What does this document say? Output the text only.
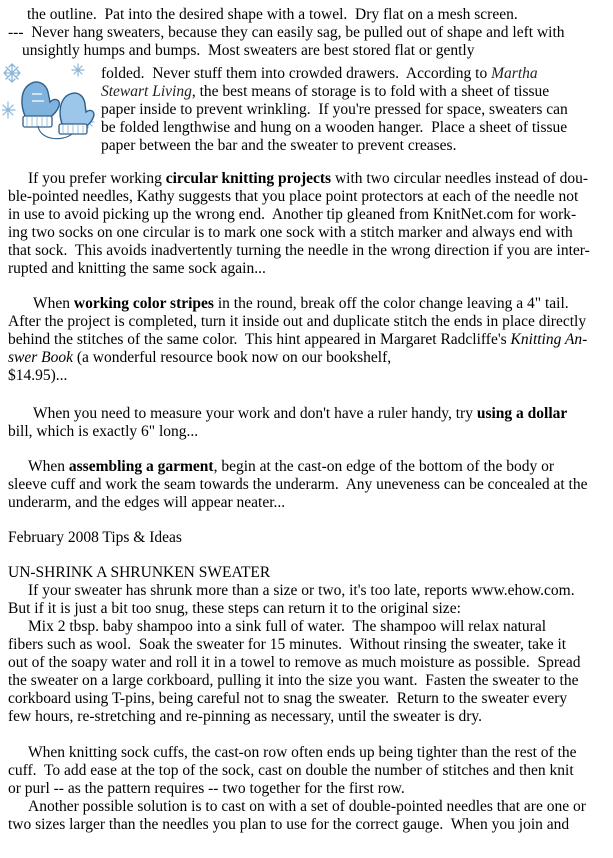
the outline.  Pat into the desired shape with a towel.  Dry flat on a mesh screen.
---  Never hang sweaters, because they can easily sag, be pulled out of shape and left with
unsightly humps and bumps.  Most sweaters are best stored flat or gently
folded.  Never stuff them into crowded drawers.  According to Martha
Stewart Living, the best means of storage is to fold with a sheet of tissue
paper inside to prevent wrinkling.  If you're pressed for space, sweaters can
be folded lengthwise and hung on a wooden hanger.  Place a sheet of tissue
paper between the bar and the sweater to prevent creases.
If you prefer working circular knitting projects with two circular needles instead of dou-
ble-pointed needles, Kathy suggests that you place point protectors at each of the needle not
in use to avoid picking up the wrong end.  Another tip gleaned from KnitNet.com for work-
ing two socks on one circular is to mark one sock with a stitch marker and always end with
that sock.  This avoids inadvertently turning the needle in the wrong direction if you are inter-
rupted and knitting the same sock again...
When working color stripes in the round, break off the color change leaving a 4" tail.
After the project is completed, turn it inside out and duplicate stitch the ends in place directly
behind the stitches of the same color.  This hint appeared in Margaret Radcliffe's Knitting An-
swer Book (a wonderful resource book now on our bookshelf,
$14.95)...
When you need to measure your work and don't have a ruler handy, try using a dollar
bill, which is exactly 6" long...
When assembling a garment, begin at the cast-on edge of the bottom of the body or
sleeve cuff and work the seam towards the underarm.  Any uneveness can be concealed at the
underarm, and the edges will appear neater...
February 2008 Tips & Ideas
UN-SHRINK A SHRUNKEN SWEATER
If your sweater has shrunk more than a size or two, it's too late, reports www.ehow.com.
But if it is just a bit too snug, these steps can return it to the original size:
Mix 2 tbsp. baby shampoo into a sink full of water.  The shampoo will relax natural
fibers such as wool.  Soak the sweater for 15 minutes.  Without rinsing the sweater, take it
out of the soapy water and roll it in a towel to remove as much moisture as possible.  Spread
the sweater on a large corkboard, pulling it into the size you want.  Fasten the sweater to the
corkboard using T-pins, being careful not to snag the sweater.  Return to the sweater every
few hours, re-stretching and re-pinning as necessary, until the sweater is dry.
When knitting sock cuffs, the cast-on row often ends up being tighter than the rest of the
cuff.  To add ease at the top of the sock, cast on double the number of stitches and then knit
or purl -- as the pattern requires -- two together for the first row.
Another possible solution is to cast on with a set of double-pointed needles that are one or
two sizes larger than the needles you plan to use for the correct gauge.  When you join and
